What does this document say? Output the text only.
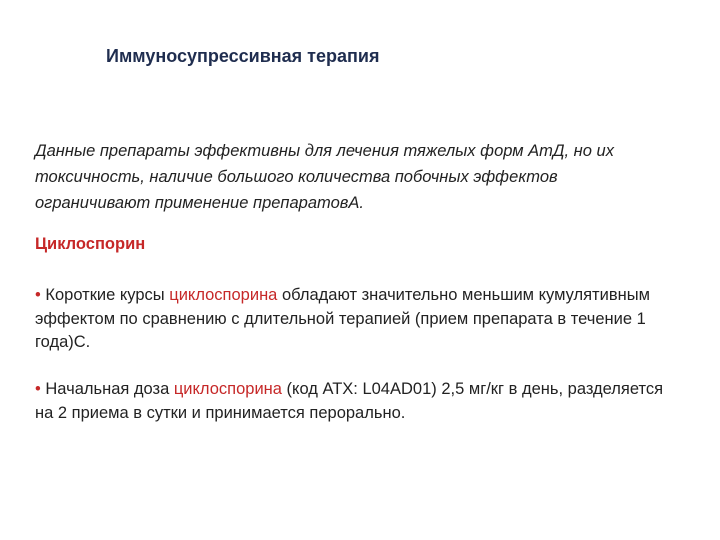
Иммуносупрессивная терапия
Данные препараты эффективны для лечения тяжелых форм АтД, но их токсичность, наличие большого количества побочных эффектов ограничивают применение препаратовA.
Циклоспорин
• Короткие курсы циклоспорина обладают значительно меньшим кумулятивным эффектом по сравнению с длительной терапией (прием препарата в течение 1 года)C.
• Начальная доза циклоспорина (код АТХ: L04AD01) 2,5 мг/кг в день, разделяется на 2 приема в сутки и принимается перорально.
